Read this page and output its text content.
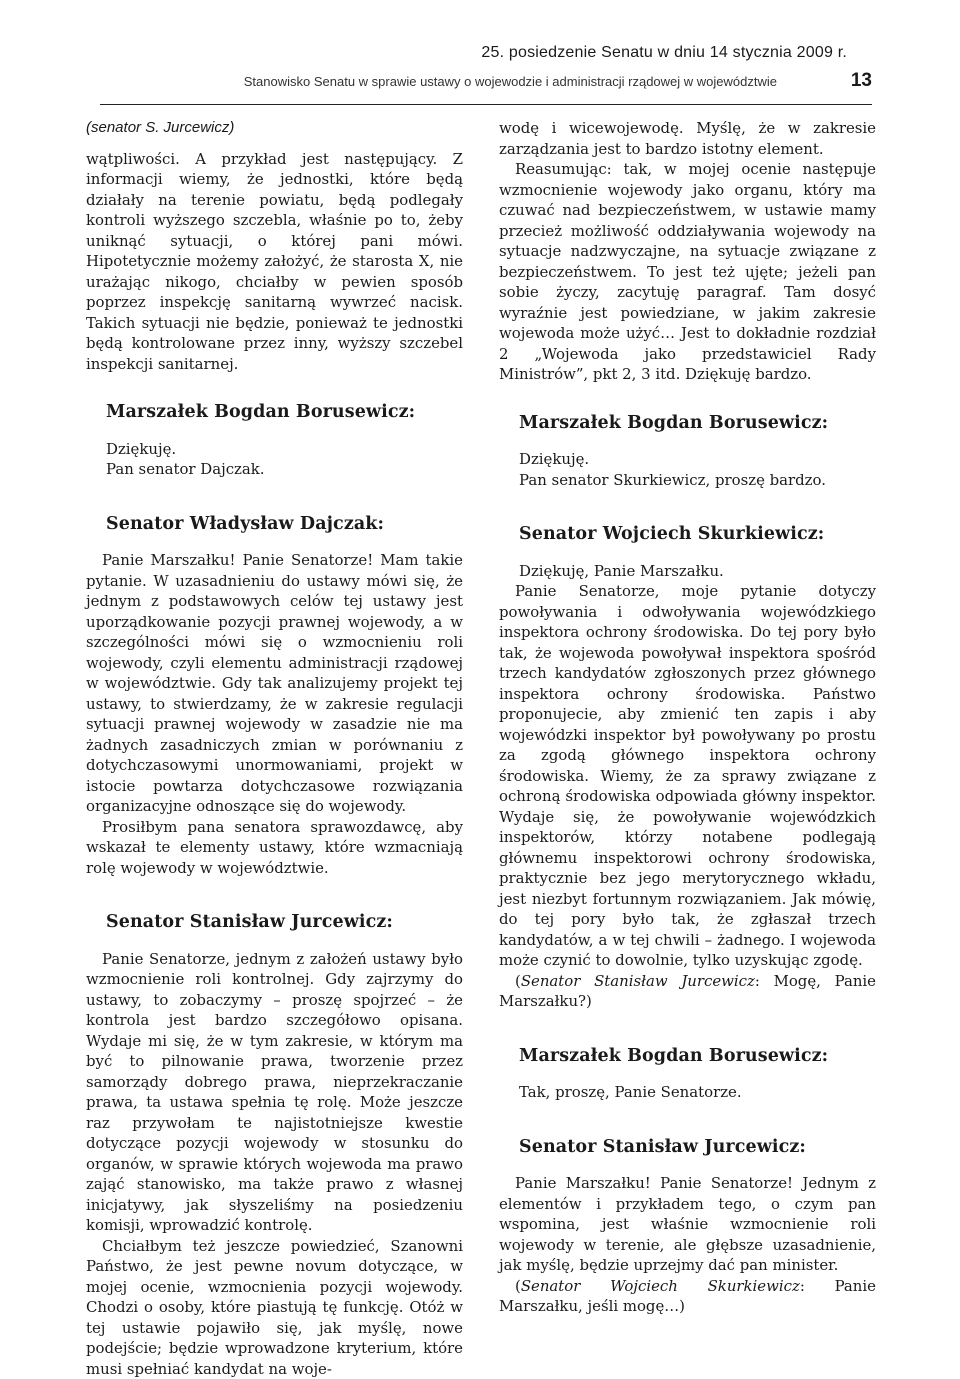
25. posiedzenie Senatu w dniu 14 stycznia 2009 r.
Stanowisko Senatu w sprawie ustawy o wojewodzie i administracji rządowej w województwie	13
(senator S. Jurcewicz)

wątpliwości. A przykład jest następujący. Z informacji wiemy, że jednostki, które będą działały na terenie powiatu, będą podlegały kontroli wyższego szczebla, właśnie po to, żeby uniknąć sytuacji, o której pani mówi. Hipotetycznie możemy założyć, że starosta X, nie urażając nikogo, chciałby w pewien sposób poprzez inspekcję sanitarną wywrzeć nacisk. Takich sytuacji nie będzie, ponieważ te jednostki będą kontrolowane przez inny, wyższy szczebel inspekcji sanitarnej.

Marszałek Bogdan Borusewicz:

Dziękuję.

Pan senator Dajczak.

Senator Władysław Dajczak:

Panie Marszałku! Panie Senatorze! Mam takie pytanie. W uzasadnieniu do ustawy mówi się, że jednym z podstawowych celów tej ustawy jest uporządkowanie pozycji prawnej wojewody, a w szczególności mówi się o wzmocnieniu roli wojewody, czyli elementu administracji rządowej w województwie. Gdy tak analizujemy projekt tej ustawy, to stwierdzamy, że w zakresie regulacji sytuacji prawnej wojewody w zasadzie nie ma żadnych zasadniczych zmian w porównaniu z dotychczasowymi unormowaniami, projekt w istocie powtarza dotychczasowe rozwiązania organizacyjne odnoszące się do wojewody.

Prosiłbym pana senatora sprawozdawcę, aby wskazał te elementy ustawy, które wzmacniają rolę wojewody w województwie.

Senator Stanisław Jurcewicz:

Panie Senatorze, jednym z założeń ustawy było wzmocnienie roli kontrolnej. Gdy zajrzymy do ustawy, to zobaczymy – proszę spojrzeć – że kontrola jest bardzo szczegółowo opisana. Wydaje mi się, że w tym zakresie, w którym ma być to pilnowanie prawa, tworzenie przez samorządy dobrego prawa, nieprzekraczanie prawa, ta ustawa spełnia tę rolę. Może jeszcze raz przywołam te najistotniejsze kwestie dotyczące pozycji wojewody w stosunku do organów, w sprawie których wojewoda ma prawo zająć stanowisko, ma także prawo z własnej inicjatywy, jak słyszeliśmy na posiedzeniu komisji, wprowadzić kontrolę.

Chciałbym też jeszcze powiedzieć, Szanowni Państwo, że jest pewne novum dotyczące, w mojej ocenie, wzmocnienia pozycji wojewody. Chodzi o osoby, które piastują tę funkcję. Otóż w tej ustawie pojawiło się, jak myślę, nowe podejście; będzie wprowadzone kryterium, które musi spełniać kandydat na woje-

wodę i wicewojewodę. Myślę, że w zakresie zarządzania jest to bardzo istotny element.

Reasumując: tak, w mojej ocenie następuje wzmocnienie wojewody jako organu, który ma czuwać nad bezpieczeństwem, w ustawie mamy przecież możliwość oddziaływania wojewody na sytuacje nadzwyczajne, na sytuacje związane z bezpieczeństwem. To jest też ujęte; jeżeli pan sobie życzy, zacytuję paragraf. Tam dosyć wyraźnie jest powiedziane, w jakim zakresie wojewoda może użyć… Jest to dokładnie rozdział 2 „Wojewoda jako przedstawiciel Rady Ministrów”, pkt 2, 3 itd. Dziękuję bardzo.

Marszałek Bogdan Borusewicz:

Dziękuję.

Pan senator Skurkiewicz, proszę bardzo.

Senator Wojciech Skurkiewicz:

Dziękuję, Panie Marszałku.

Panie Senatorze, moje pytanie dotyczy powoływania i odwoływania wojewódzkiego inspektora ochrony środowiska. Do tej pory było tak, że wojewoda powoływał inspektora spośród trzech kandydatów zgłoszonych przez głównego inspektora ochrony środowiska. Państwo proponujecie, aby zmienić ten zapis i aby wojewódzki inspektor był powoływany po prostu za zgodą głównego inspektora ochrony środowiska. Wiemy, że za sprawy związane z ochroną środowiska odpowiada główny inspektor. Wydaje się, że powoływanie wojewódzkich inspektorów, którzy notabene podlegają głównemu inspektorowi ochrony środowiska, praktycznie bez jego merytorycznego wkładu, jest niezbyt fortunnym rozwiązaniem. Jak mówię, do tej pory było tak, że zgłaszał trzech kandydatów, a w tej chwili – żadnego. I wojewoda może czynić to dowolnie, tylko uzyskując zgodę.

(Senator Stanisław Jurcewicz: Mogę, Panie Marszałku?)

Marszałek Bogdan Borusewicz:

Tak, proszę, Panie Senatorze.

Senator Stanisław Jurcewicz:

Panie Marszałku! Panie Senatorze! Jednym z elementów i przykładem tego, o czym pan wspomina, jest właśnie wzmocnienie roli wojewody w terenie, ale głębsze uzasadnienie, jak myślę, będzie uprzejmy dać pan minister.

(Senator Wojciech Skurkiewicz: Panie Marszałku, jeśli mogę…)
